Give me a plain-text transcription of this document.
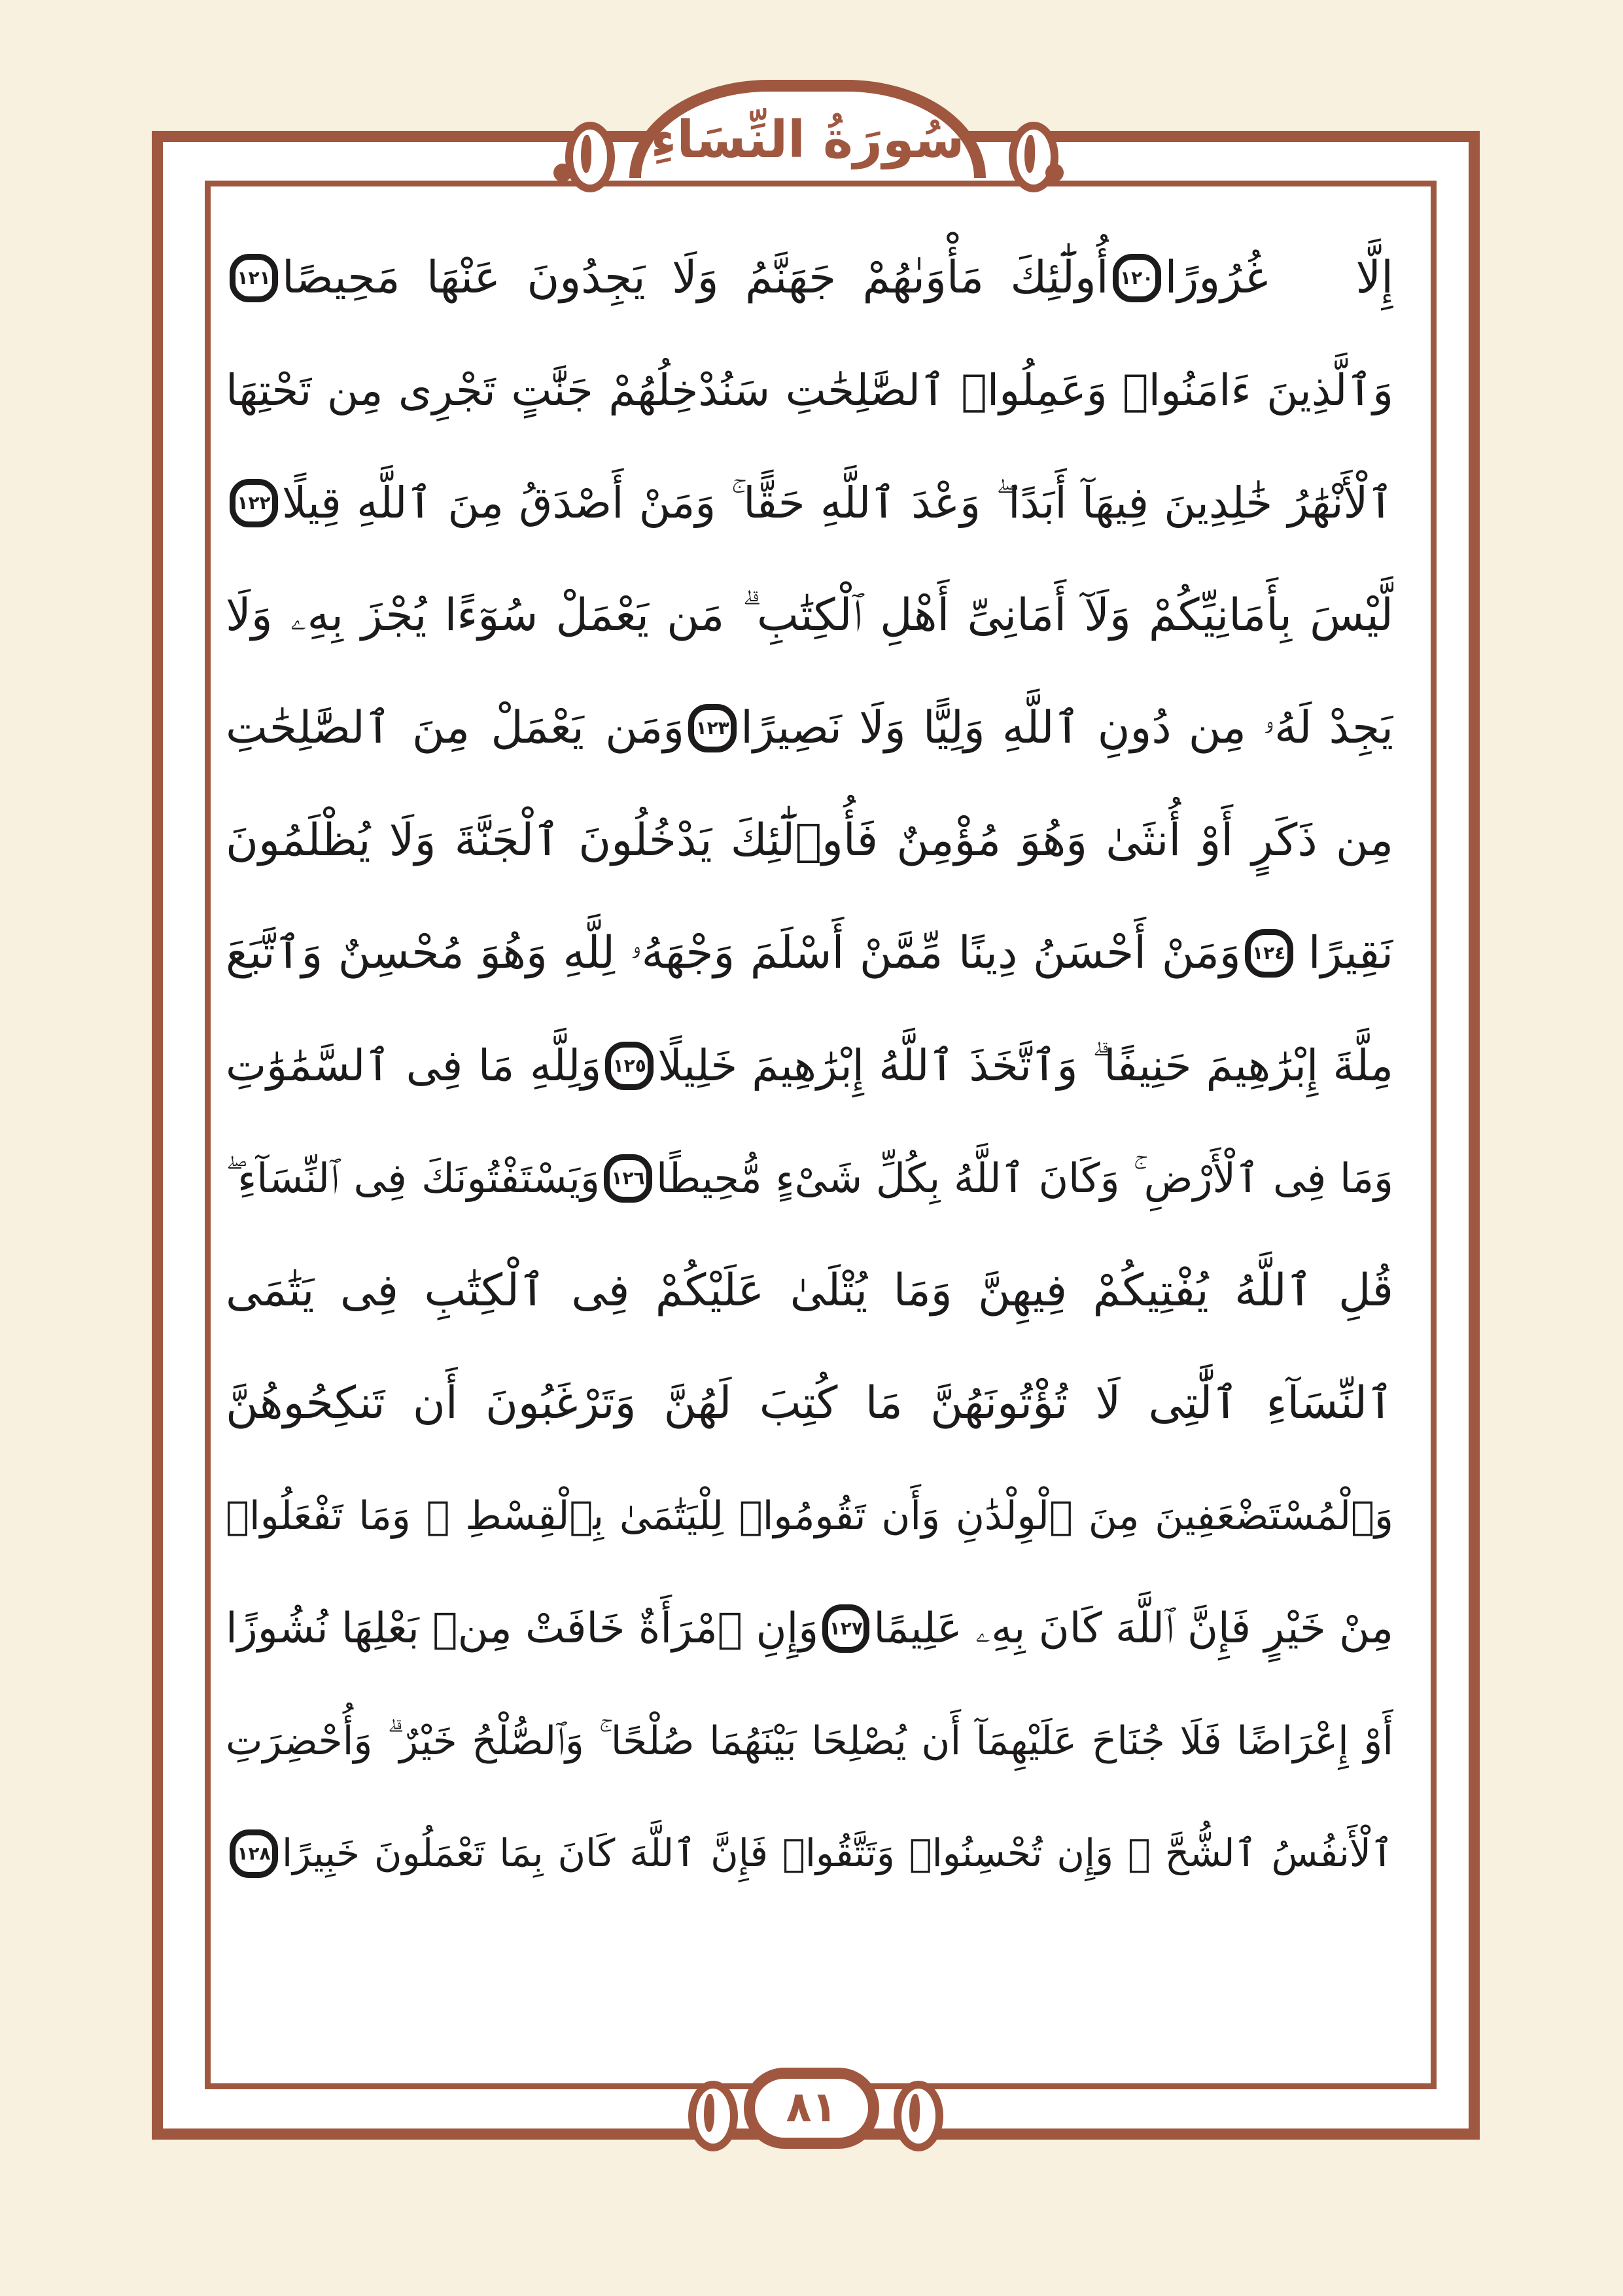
سُورَةُ النِّسَاءِ
٨١
إِلَّا غُرُورًا
١٢٠
أُولَٰٓئِكَ مَأْوَىٰهُمْ جَهَنَّمُ وَلَا يَجِدُونَ عَنْهَا مَحِيصًا
١٢١
وَٱلَّذِينَ ءَامَنُوا۟ وَعَمِلُوا۟ ٱلصَّٰلِحَٰتِ سَنُدْخِلُهُمْ جَنَّٰتٍ تَجْرِى مِن تَحْتِهَا
ٱلْأَنْهَٰرُ خَٰلِدِينَ فِيهَآ أَبَدًا ۖ وَعْدَ ٱللَّهِ حَقًّا ۚ وَمَنْ أَصْدَقُ مِنَ ٱللَّهِ قِيلًا
١٢٢
لَّيْسَ بِأَمَانِيِّكُمْ وَلَآ أَمَانِىِّ أَهْلِ ٱلْكِتَٰبِ ۗ مَن يَعْمَلْ سُوٓءًا يُجْزَ بِهِۦ وَلَا
يَجِدْ لَهُۥ مِن دُونِ ٱللَّهِ وَلِيًّا وَلَا نَصِيرًا
١٢٣
وَمَن يَعْمَلْ مِنَ ٱلصَّٰلِحَٰتِ
مِن ذَكَرٍ أَوْ أُنثَىٰ وَهُوَ مُؤْمِنٌ فَأُو۟لَٰٓئِكَ يَدْخُلُونَ ٱلْجَنَّةَ وَلَا يُظْلَمُونَ
نَقِيرًا
١٢٤
وَمَنْ أَحْسَنُ دِينًا مِّمَّنْ أَسْلَمَ وَجْهَهُۥ لِلَّهِ وَهُوَ مُحْسِنٌ وَٱتَّبَعَ
مِلَّةَ إِبْرَٰهِيمَ حَنِيفًا ۗ وَٱتَّخَذَ ٱللَّهُ إِبْرَٰهِيمَ خَلِيلًا
١٢٥
وَلِلَّهِ مَا فِى ٱلسَّمَٰوَٰتِ
وَمَا فِى ٱلْأَرْضِ ۚ وَكَانَ ٱللَّهُ بِكُلِّ شَىْءٍ مُّحِيطًا
١٢٦
وَيَسْتَفْتُونَكَ فِى ٱلنِّسَآءِ ۖ
قُلِ ٱللَّهُ يُفْتِيكُمْ فِيهِنَّ وَمَا يُتْلَىٰ عَلَيْكُمْ فِى ٱلْكِتَٰبِ فِى يَتَٰمَى
ٱلنِّسَآءِ ٱلَّٰتِى لَا تُؤْتُونَهُنَّ مَا كُتِبَ لَهُنَّ وَتَرْغَبُونَ أَن تَنكِحُوهُنَّ
وَٱلْمُسْتَضْعَفِينَ مِنَ ٱلْوِلْدَٰنِ وَأَن تَقُومُوا۟ لِلْيَتَٰمَىٰ بِٱلْقِسْطِ ۚ وَمَا تَفْعَلُوا۟
مِنْ خَيْرٍ فَإِنَّ ٱللَّهَ كَانَ بِهِۦ عَلِيمًا
١٢٧
وَإِنِ ٱمْرَأَةٌ خَافَتْ مِنۢ بَعْلِهَا نُشُوزًا
أَوْ إِعْرَاضًا فَلَا جُنَاحَ عَلَيْهِمَآ أَن يُصْلِحَا بَيْنَهُمَا صُلْحًا ۚ وَٱلصُّلْحُ خَيْرٌ ۗ وَأُحْضِرَتِ
ٱلْأَنفُسُ ٱلشُّحَّ ۚ وَإِن تُحْسِنُوا۟ وَتَتَّقُوا۟ فَإِنَّ ٱللَّهَ كَانَ بِمَا تَعْمَلُونَ خَبِيرًا
١٢٨
